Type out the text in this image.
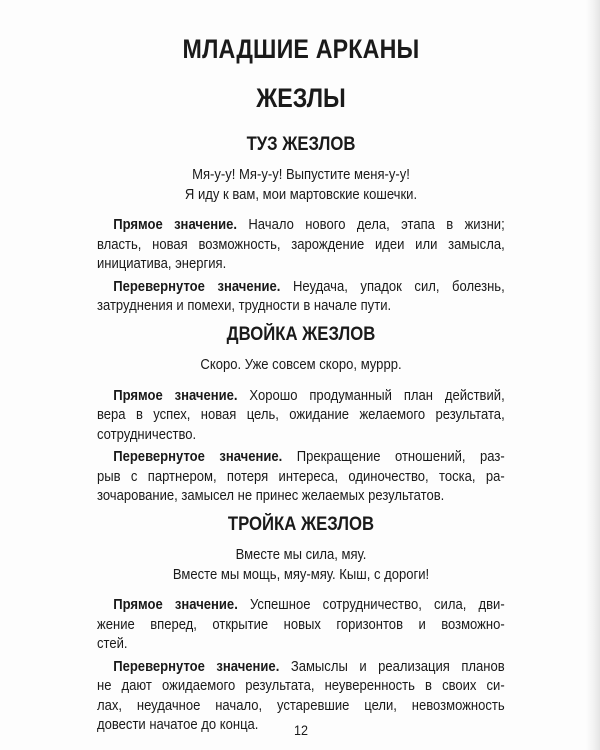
МЛАДШИЕ АРКАНЫ
ЖЕЗЛЫ
ТУЗ ЖЕЗЛОВ
Мя-у-у! Мя-у-у! Выпустите меня-у-у!
Я иду к вам, мои мартовские кошечки.
Прямое значение. Начало нового дела, этапа в жизни;
власть, новая возможность, зарождение идеи или замысла,
инициатива, энергия.
Перевернутое значение. Неудача, упадок сил, болезнь,
затруднения и помехи, трудности в начале пути.
ДВОЙКА ЖЕЗЛОВ
Скоро. Уже совсем скоро, муррр.
Прямое значение. Хорошо продуманный план действий,
вера в успех, новая цель, ожидание желаемого результата,
сотрудничество.
Перевернутое значение. Прекращение отношений, раз-
рыв с партнером, потеря интереса, одиночество, тоска, ра-
зочарование, замысел не принес желаемых результатов.
ТРОЙКА ЖЕЗЛОВ
Вместе мы сила, мяу.
Вместе мы мощь, мяу-мяу. Кыш, с дороги!
Прямое значение. Успешное сотрудничество, сила, дви-
жение вперед, открытие новых горизонтов и возможно-
стей.
Перевернутое значение. Замыслы и реализация планов
не дают ожидаемого результата, неуверенность в своих си-
лах, неудачное начало, устаревшие цели, невозможность
довести начатое до конца.	12
